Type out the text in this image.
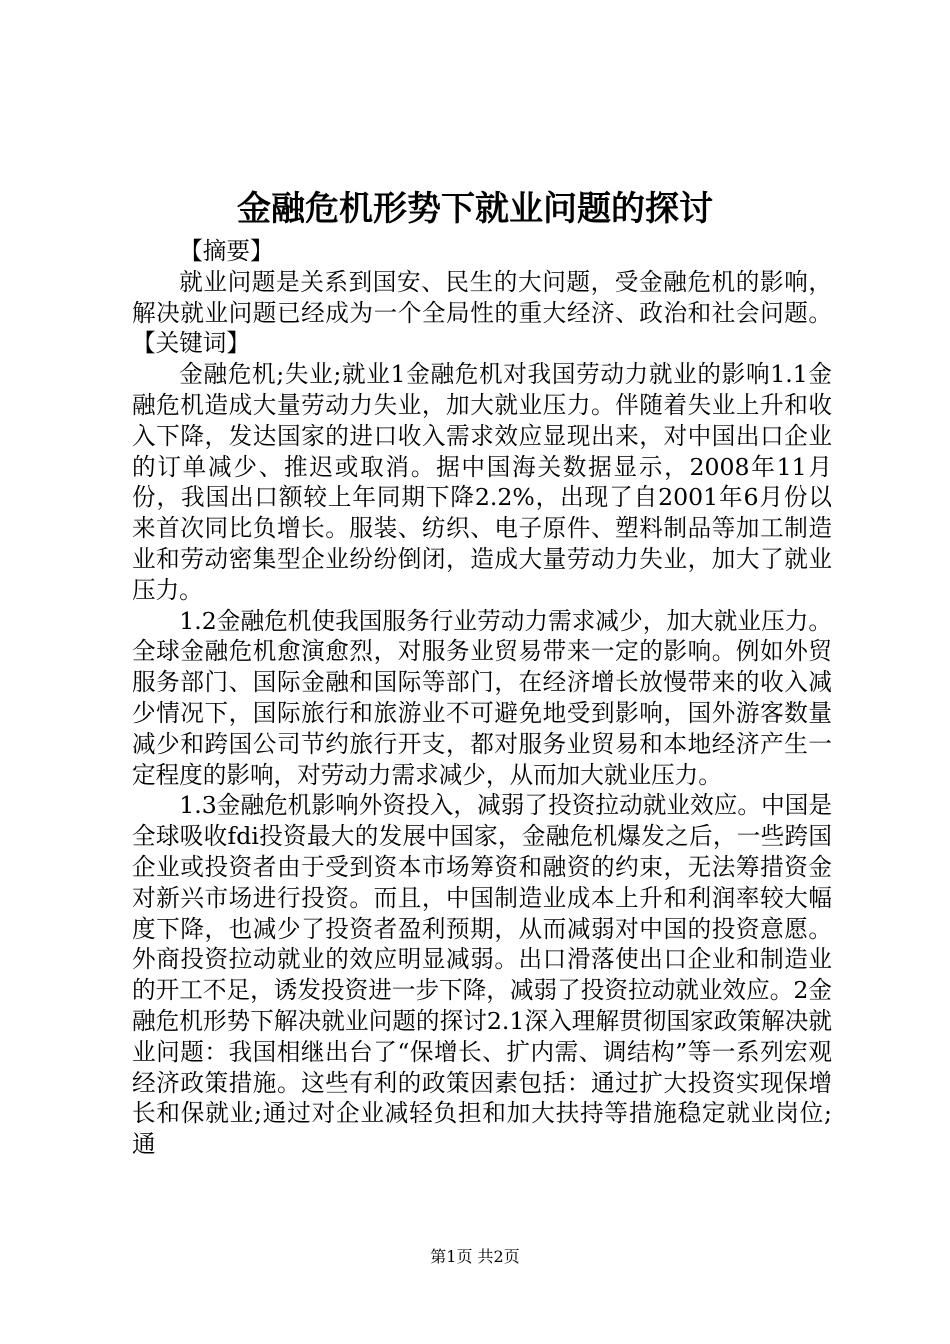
金融危机形势下就业问题的探讨

【摘要】

就业问题是关系到国安、民生的大问题，受金融危机的影响，解决就业问题已经成为一个全局性的重大经济、政治和社会问题。【关键词】

金融危机;失业;就业1金融危机对我国劳动力就业的影响1.1金融危机造成大量劳动力失业，加大就业压力。伴随着失业上升和收入下降，发达国家的进口收入需求效应显现出来，对中国出口企业的订单减少、推迟或取消。据中国海关数据显示，2008年11月份，我国出口额较上年同期下降2.2%，出现了自2001年6月份以来首次同比负增长。服装、纺织、电子原件、塑料制品等加工制造业和劳动密集型企业纷纷倒闭，造成大量劳动力失业，加大了就业压力。

1.2金融危机使我国服务行业劳动力需求减少，加大就业压力。全球金融危机愈演愈烈，对服务业贸易带来一定的影响。例如外贸服务部门、国际金融和国际等部门，在经济增长放慢带来的收入减少情况下，国际旅行和旅游业不可避免地受到影响，国外游客数量减少和跨国公司节约旅行开支，都对服务业贸易和本地经济产生一定程度的影响，对劳动力需求减少，从而加大就业压力。

1.3金融危机影响外资投入，减弱了投资拉动就业效应。中国是全球吸收fdi投资最大的发展中国家，金融危机爆发之后，一些跨国企业或投资者由于受到资本市场筹资和融资的约束，无法筹措资金对新兴市场进行投资。而且，中国制造业成本上升和利润率较大幅度下降，也减少了投资者盈利预期，从而减弱对中国的投资意愿。外商投资拉动就业的效应明显减弱。出口滑落使出口企业和制造业的开工不足，诱发投资进一步下降，减弱了投资拉动就业效应。2金融危机形势下解决就业问题的探讨2.1深入理解贯彻国家政策解决就业问题：我国相继出台了“保增长、扩内需、调结构”等一系列宏观经济政策措施。这些有利的政策因素包括：通过扩大投资实现保增长和保就业;通过对企业减轻负担和加大扶持等措施稳定就业岗位;通

第1页 共2页
